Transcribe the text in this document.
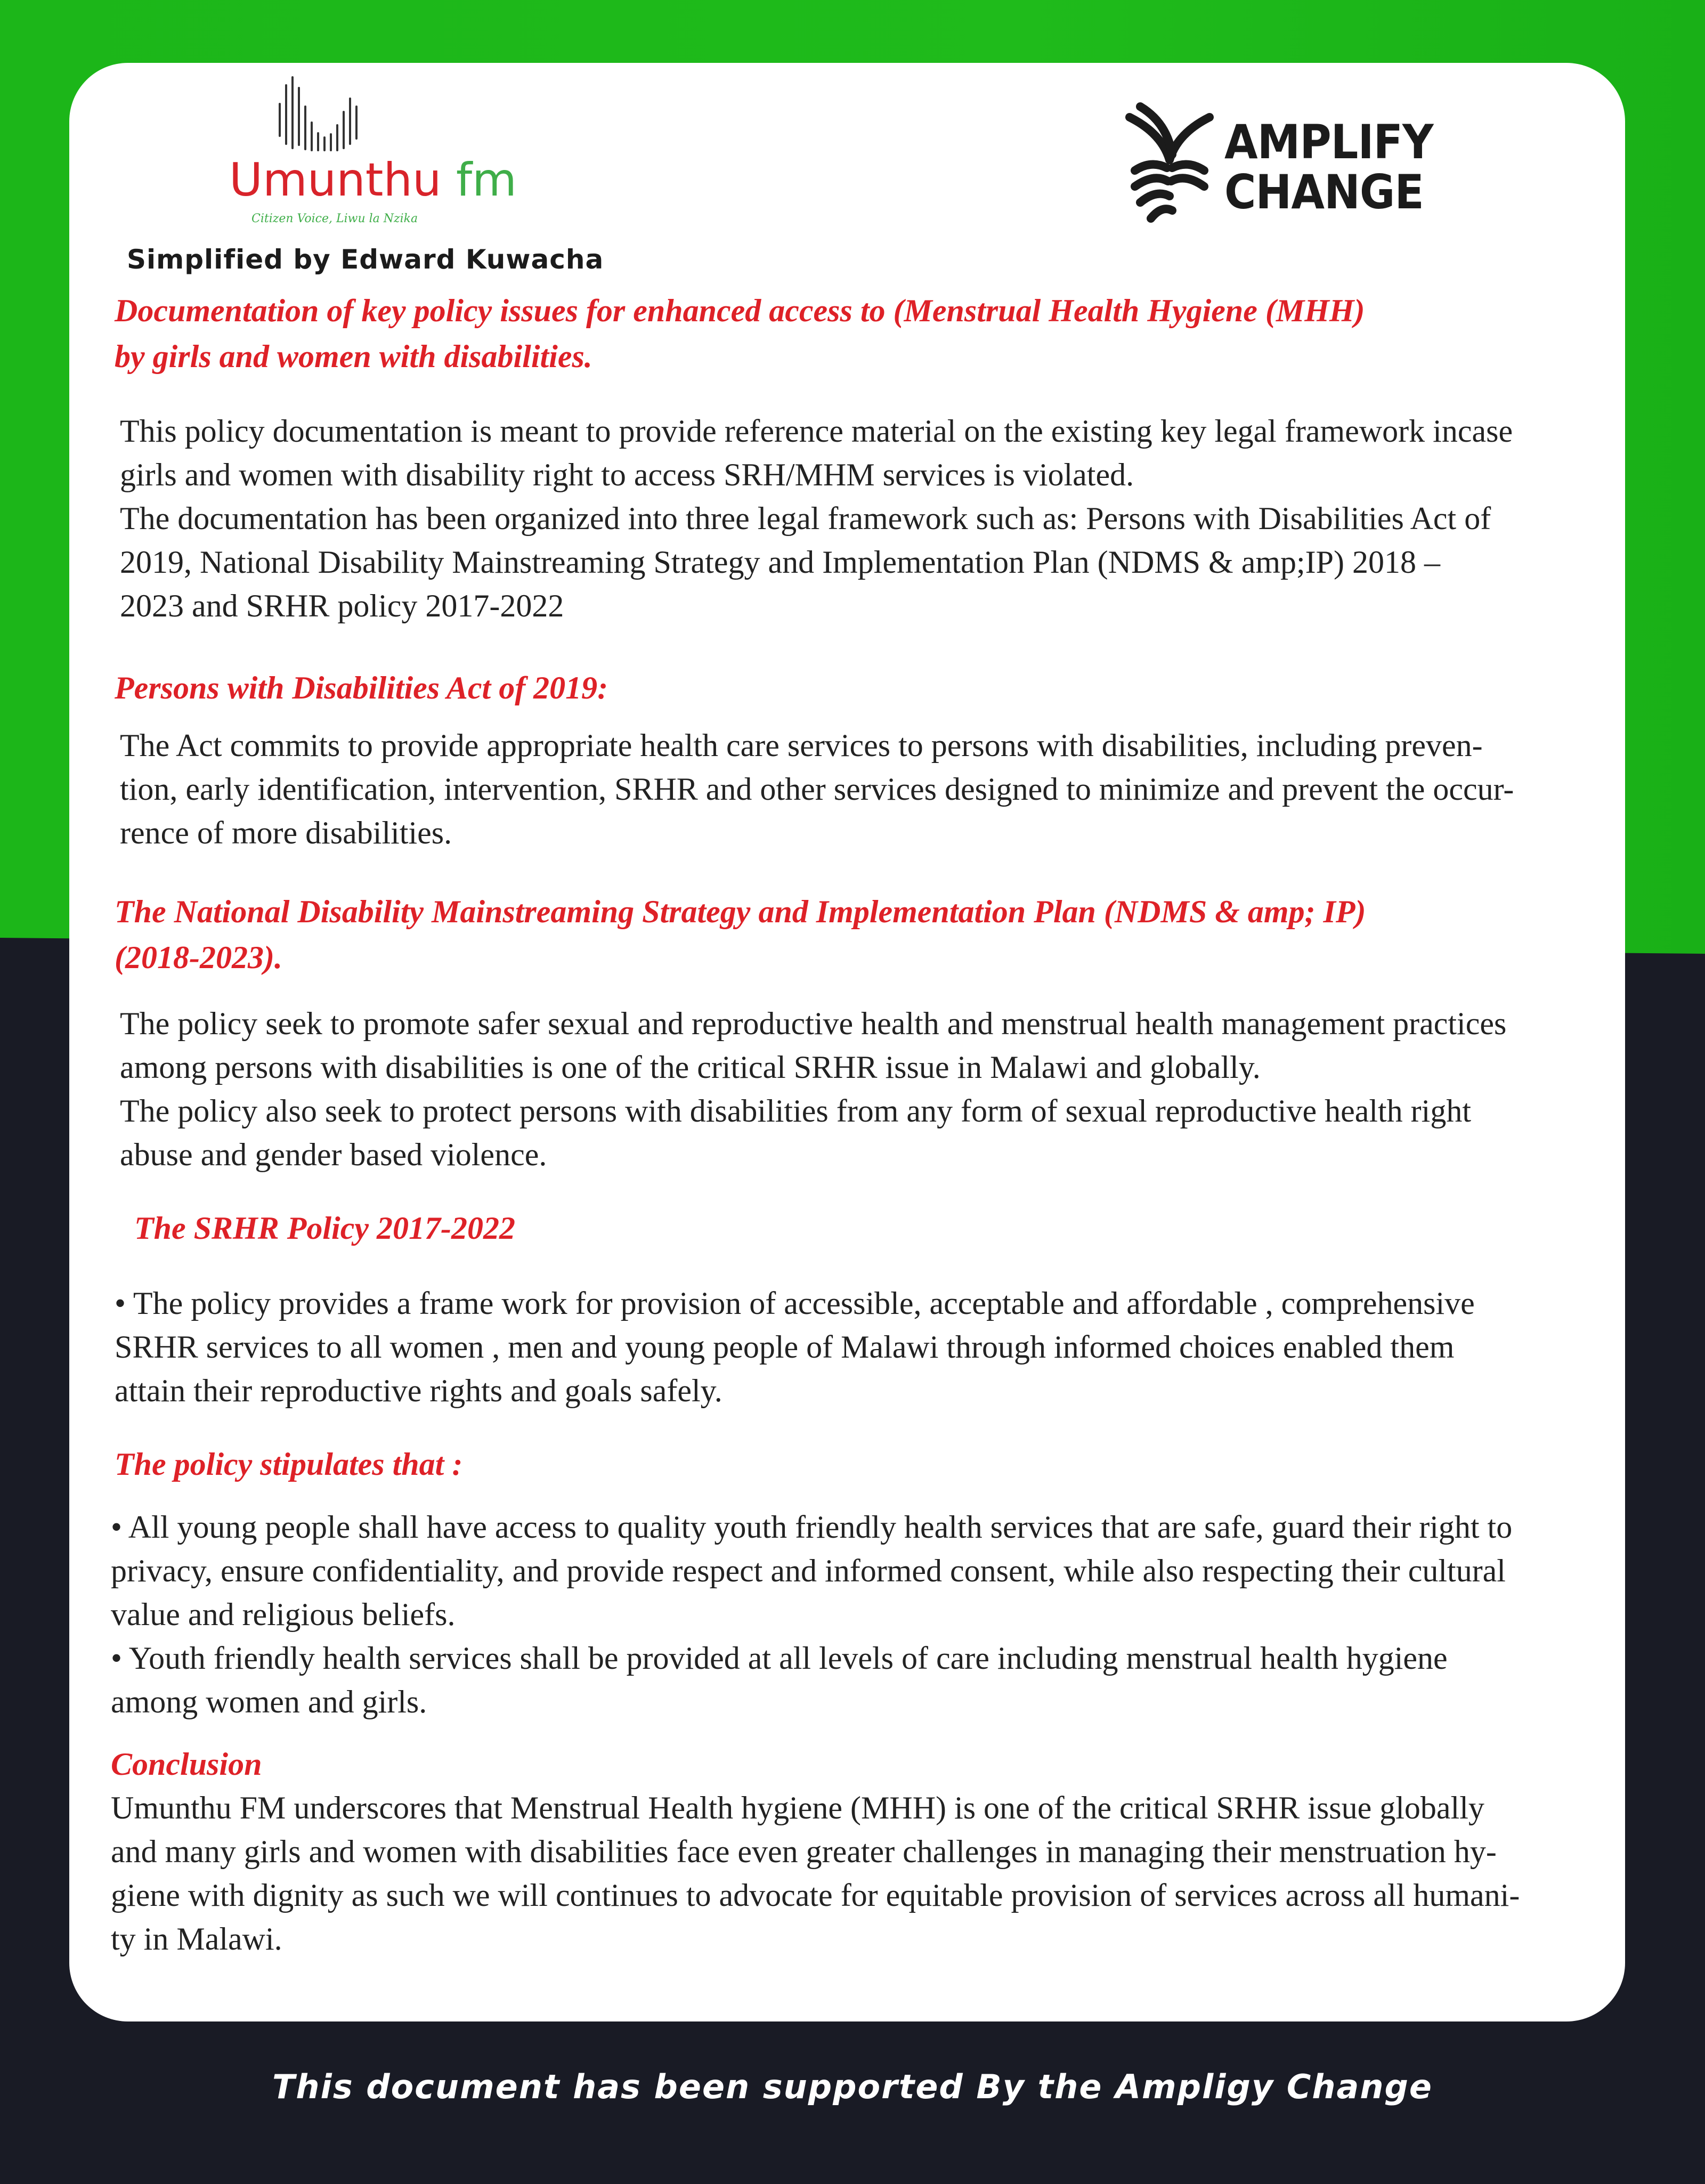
Umunthu fm
Citizen Voice, Liwu la Nzika
AMPLIFY
CHANGE
Simplified by Edward Kuwacha
Documentation of key policy issues for enhanced access to (Menstrual Health Hygiene (MHH)
by girls and women with disabilities.
This policy documentation is meant to provide reference material on the existing key legal framework incase
girls and women with disability right to access SRH/MHM services is violated.
The documentation has been organized into three legal framework such as: Persons with Disabilities Act of
2019, National Disability Mainstreaming Strategy and Implementation Plan (NDMS & amp;IP) 2018 –
2023 and SRHR policy 2017-2022
Persons with Disabilities Act of 2019:
The Act commits to provide appropriate health care services to persons with disabilities, including preven-
tion, early identification, intervention, SRHR and other services designed to minimize and prevent the occur-
rence of more disabilities.
The National Disability Mainstreaming Strategy and Implementation Plan (NDMS & amp; IP)
(2018-2023).
The policy seek to promote safer sexual and reproductive health and menstrual health management practices
among persons with disabilities is one of the critical SRHR issue in Malawi and globally.
The policy also seek to protect persons with disabilities from any form of sexual reproductive health right
abuse and gender based violence.
The SRHR Policy 2017-2022
• The policy provides a frame work for provision of accessible, acceptable and affordable , comprehensive
SRHR services to all women , men and young people of Malawi through informed choices enabled them
attain their reproductive rights and goals safely.
The policy stipulates that :
• All young people shall have access to quality youth friendly health services that are safe, guard their right to
privacy, ensure confidentiality, and provide respect and informed consent, while also respecting their cultural
value and religious beliefs.
• Youth friendly health services shall be provided at all levels of care including menstrual health hygiene
among women and girls.
Conclusion
Umunthu FM underscores that Menstrual Health hygiene (MHH) is one of the critical SRHR issue globally
and many girls and women with disabilities face even greater challenges in managing their menstruation hy-
giene with dignity as such we will continues to advocate for equitable provision of services across all humani-
ty in Malawi.
This document has been supported By the Ampligy Change
